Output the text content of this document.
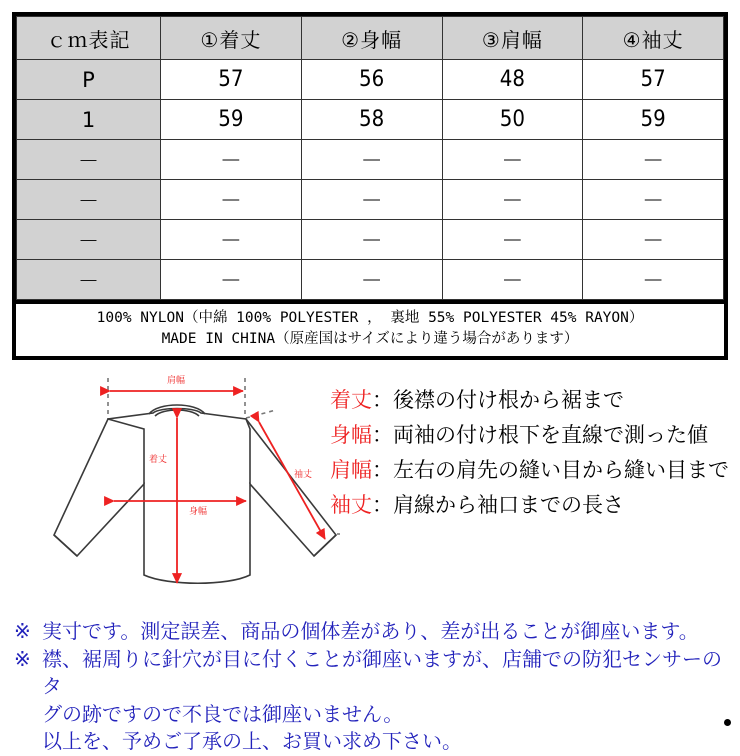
ｃｍ表記	①着丈	②身幅	③肩幅	④袖丈
P	57	56	48	57
1	59	58	50	59
－	－	－	－	－
－	－	－	－	－
－	－	－	－	－
－	－	－	－	－
100% NYLON（中綿 100% POLYESTER ， 裏地 55% POLYESTER 45% RAYON）
MADE IN CHINA（原産国はサイズにより違う場合があります）
肩幅
着丈
身幅
袖丈
着丈 ： 後襟の付け根から裾まで
身幅 ： 両袖の付け根下を直線で測った値
肩幅 ： 左右の肩先の縫い目から縫い目まで
袖丈 ： 肩線から袖口までの長さ
※ 実寸です。測定誤差、商品の個体差があり、差が出ることが御座います。
※ 襟、裾周りに針穴が目に付くことが御座いますが、店舗での防犯センサーのタ
グの跡ですので不良では御座いません。
以上を、予めご了承の上、お買い求め下さい。
